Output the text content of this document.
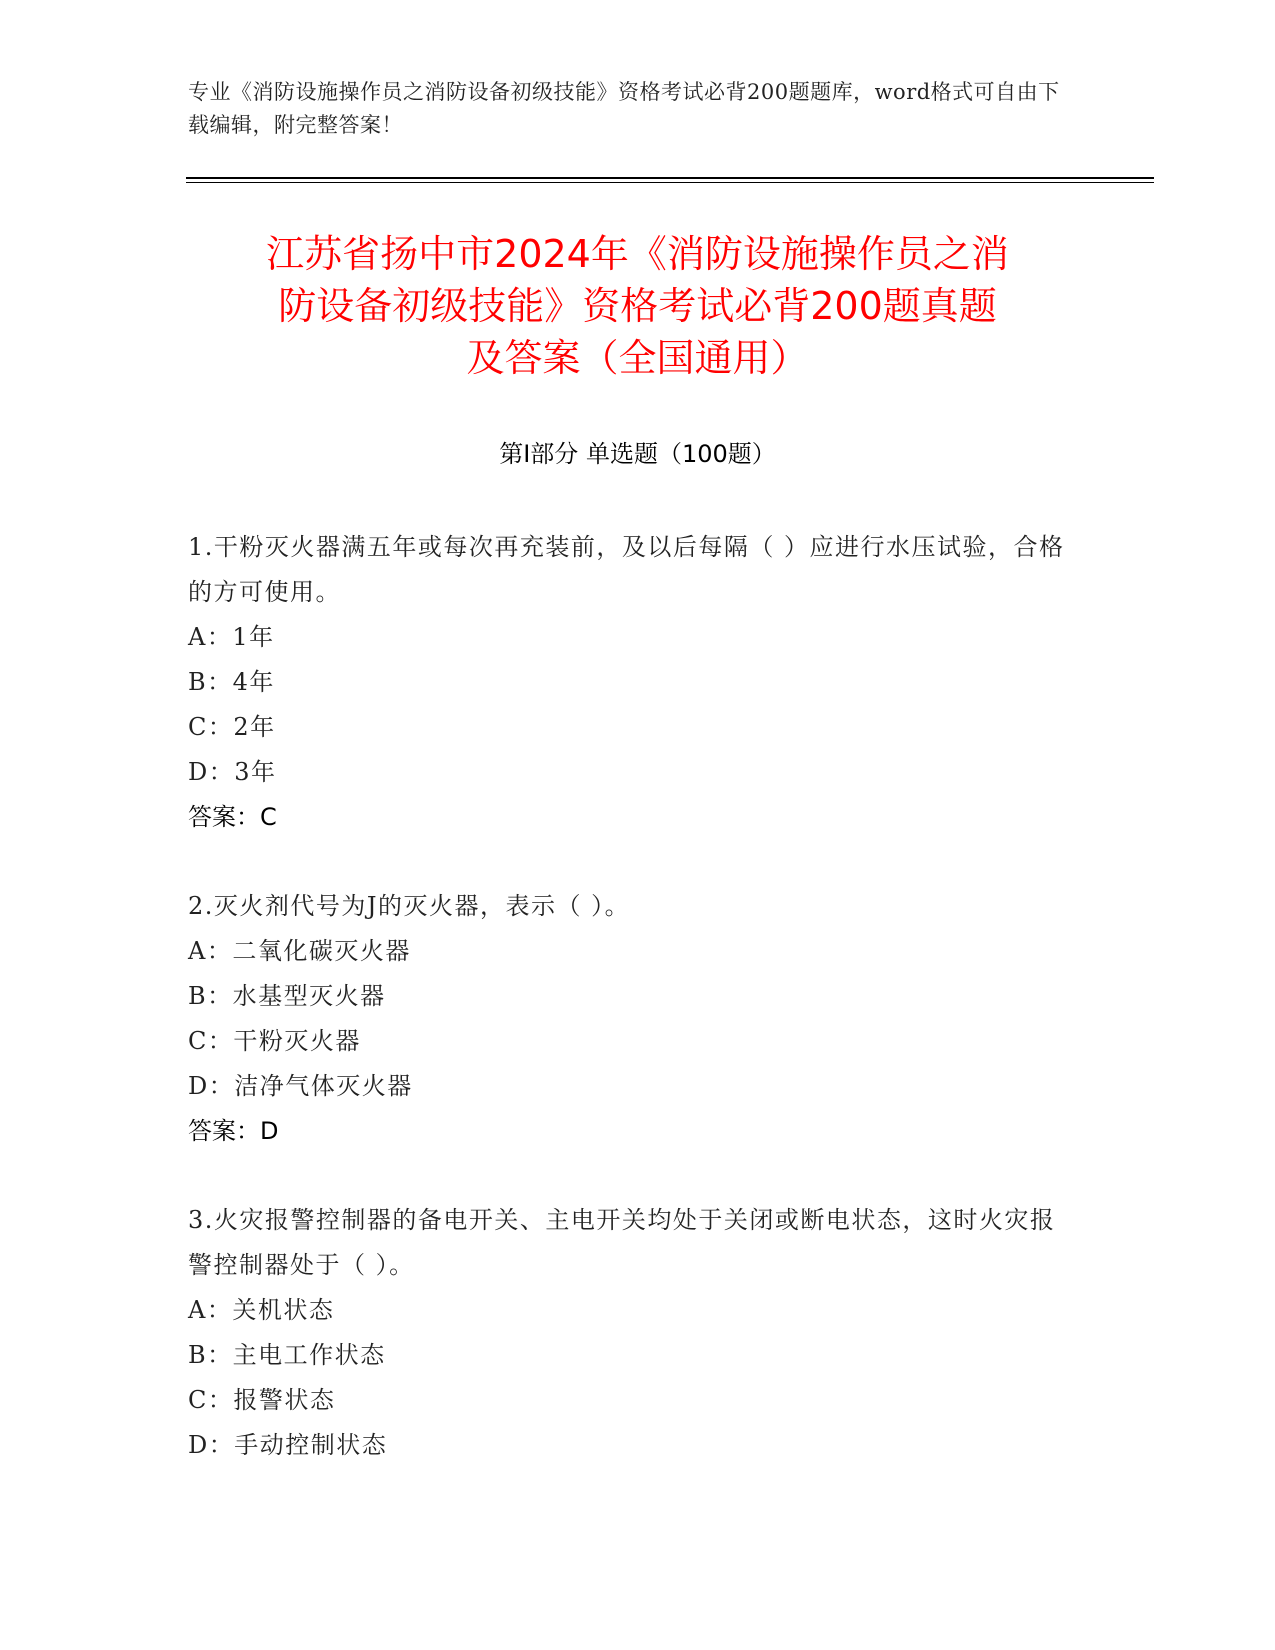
专业《消防设施操作员之消防设备初级技能》资格考试必背200题题库，word格式可自由下载编辑，附完整答案！
江苏省扬中市2024年《消防设施操作员之消
防设备初级技能》资格考试必背200题真题
及答案（全国通用）
第I部分 单选题（100题）

1.干粉灭火器满五年或每次再充装前，及以后每隔（ ）应进行水压试验，合格的方可使用。

A：1年

B：4年

C：2年

D：3年

答案：C

2.灭火剂代号为J的灭火器，表示（ ）。

A：二氧化碳灭火器

B：水基型灭火器

C：干粉灭火器

D：洁净气体灭火器

答案：D

3.火灾报警控制器的备电开关、主电开关均处于关闭或断电状态，这时火灾报警控制器处于（ ）。

A：关机状态

B：主电工作状态

C：报警状态

D：手动控制状态
